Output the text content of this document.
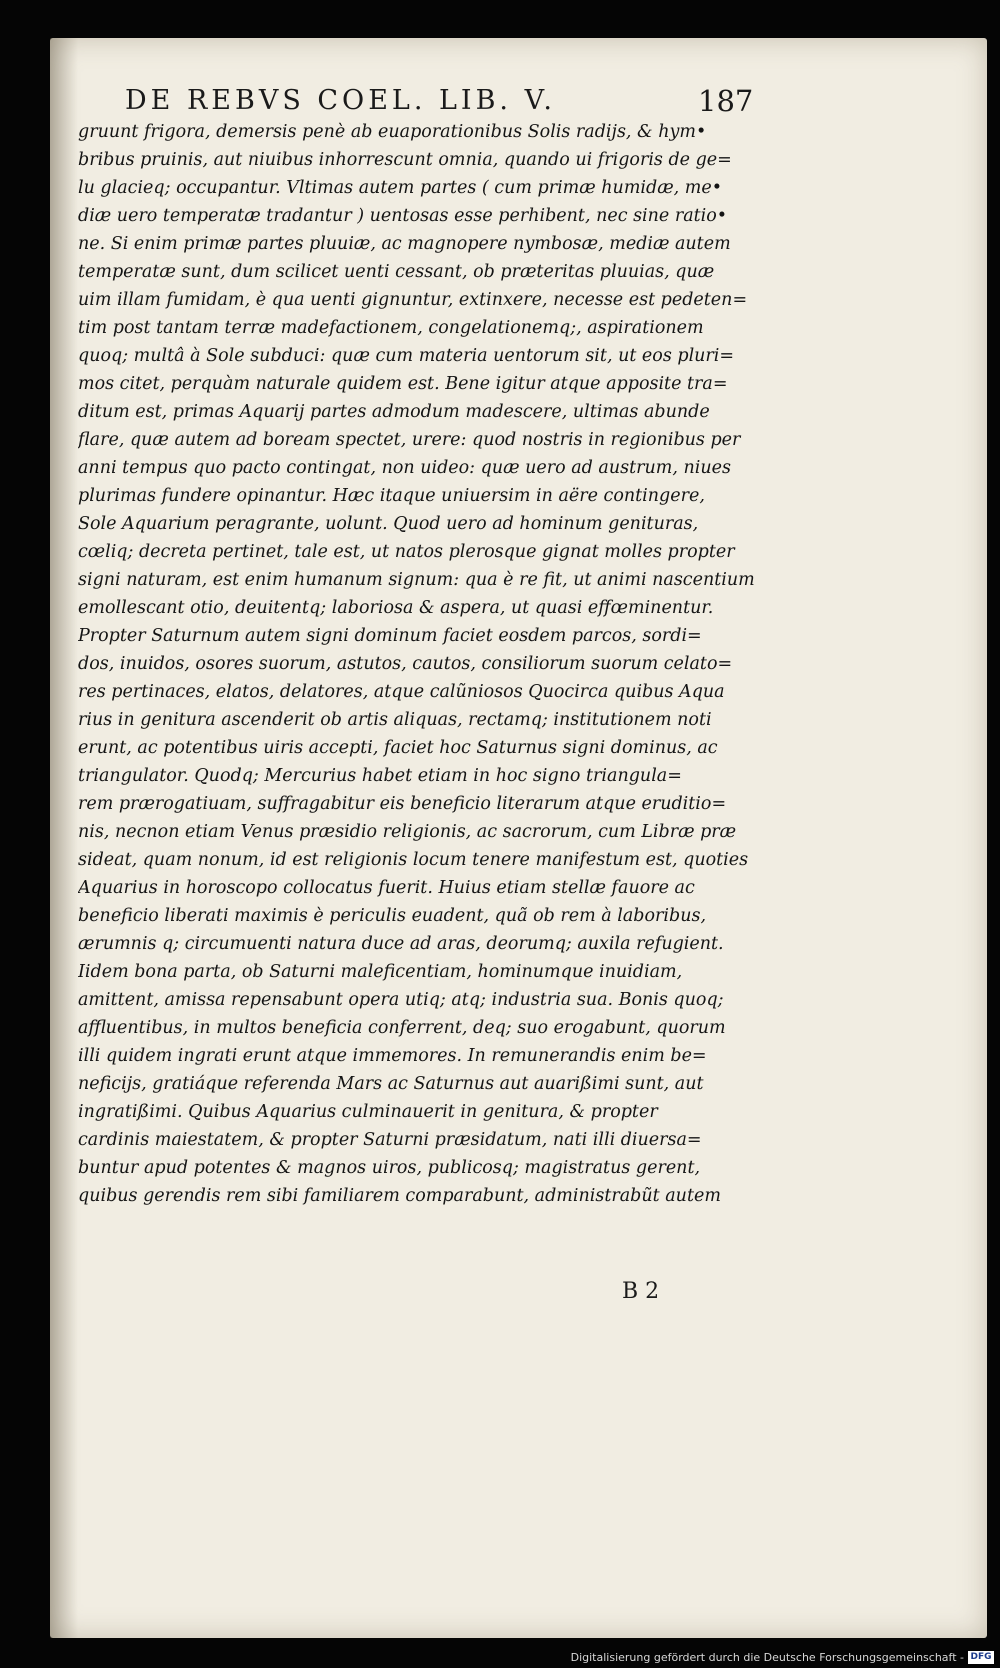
DE REBVS COEL. LIB. V.	187
gruunt frigora, demersis penè ab euaporationibus Solis radijs, & hym•
bribus pruinis, aut niuibus inhorrescunt omnia, quando ui frigoris de ge=
lu glacieq; occupantur. Vltimas autem partes ( cum primæ humidæ, me•
diæ uero temperatæ tradantur ) uentosas esse perhibent, nec sine ratio•
ne. Si enim primæ partes pluuiæ, ac magnopere nymbosæ, mediæ autem
temperatæ sunt, dum scilicet uenti cessant, ob præteritas pluuias, quæ
uim illam fumidam, è qua uenti gignuntur, extinxere, necesse est pedeten=
tim post tantam terræ madefactionem, congelationemq;, aspirationem
quoq; multâ à Sole subduci: quæ cum materia uentorum sit, ut eos pluri=
mos citet, perquàm naturale quidem est. Bene igitur atque apposite tra=
ditum est, primas Aquarij partes admodum madescere, ultimas abunde
flare, quæ autem ad boream spectet, urere: quod nostris in regionibus per
anni tempus quo pacto contingat, non uideo: quæ uero ad austrum, niues
plurimas fundere opinantur. Hæc itaque uniuersim in aëre contingere,
Sole Aquarium peragrante, uolunt. Quod uero ad hominum genituras,
cœliq; decreta pertinet, tale est, ut natos plerosque gignat molles propter
signi naturam, est enim humanum signum: qua è re fit, ut animi nascentium
emollescant otio, deuitentq; laboriosa & aspera, ut quasi effœminentur.
Propter Saturnum autem signi dominum faciet eosdem parcos, sordi=
dos, inuidos, osores suorum, astutos, cautos, consiliorum suorum celato=
res pertinaces, elatos, delatores, atque calũniosos Quocirca quibus Aqua
rius in genitura ascenderit ob artis aliquas, rectamq; institutionem noti
erunt, ac potentibus uiris accepti, faciet hoc Saturnus signi dominus, ac
triangulator. Quodq; Mercurius habet etiam in hoc signo triangula=
rem prærogatiuam, suffragabitur eis beneficio literarum atque eruditio=
nis, necnon etiam Venus præsidio religionis, ac sacrorum, cum Libræ præ
sideat, quam nonum, id est religionis locum tenere manifestum est, quoties
Aquarius in horoscopo collocatus fuerit. Huius etiam stellæ fauore ac
beneficio liberati maximis è periculis euadent, quã ob rem à laboribus,
ærumnis q; circumuenti natura duce ad aras, deorumq; auxila refugient.
Iidem bona parta, ob Saturni maleficentiam, hominumque inuidiam,
amittent, amissa repensabunt opera utiq; atq; industria sua. Bonis quoq;
affluentibus, in multos beneficia conferrent, deq; suo erogabunt, quorum
illi quidem ingrati erunt atque immemores. In remunerandis enim be=
neficijs, gratiáque referenda Mars ac Saturnus aut auarißimi sunt, aut
ingratißimi. Quibus Aquarius culminauerit in genitura, & propter
cardinis maiestatem, & propter Saturni præsidatum, nati illi diuersa=
buntur apud potentes & magnos uiros, publicosq; magistratus gerent,
quibus gerendis rem sibi familiarem comparabunt, administrabũt autem
B 2
Digitalisierung gefördert durch die Deutsche Forschungsgemeinschaft - DFG
